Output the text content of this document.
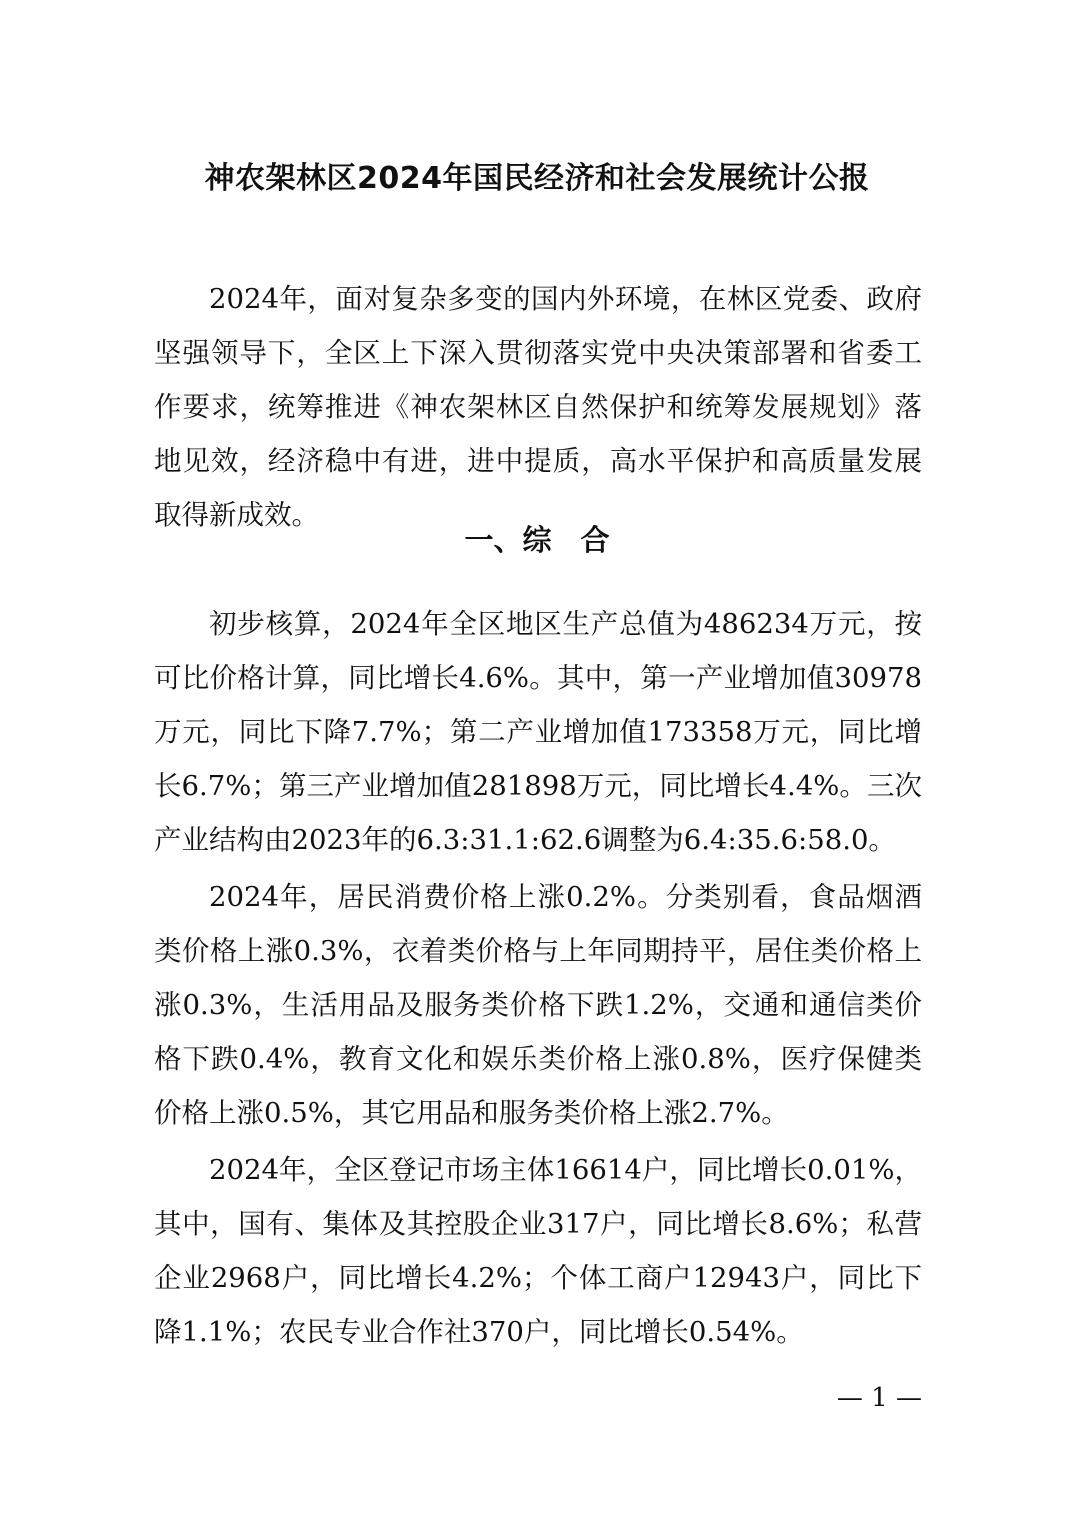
神农架林区2024年国民经济和社会发展统计公报

2024年，面对复杂多变的国内外环境，在林区党委、政府坚强领导下，全区上下深入贯彻落实党中央决策部署和省委工作要求，统筹推进《神农架林区自然保护和统筹发展规划》落地见效，经济稳中有进，进中提质，高水平保护和高质量发展取得新成效。

一、综　合

初步核算，2024年全区地区生产总值为486234万元，按可比价格计算，同比增长4.6%。其中，第一产业增加值30978万元，同比下降7.7%；第二产业增加值173358万元，同比增长6.7%；第三产业增加值281898万元，同比增长4.4%。三次产业结构由2023年的6.3:31.1:62.6调整为6.4:35.6:58.0。

2024年，居民消费价格上涨0.2%。分类别看，食品烟酒类价格上涨0.3%，衣着类价格与上年同期持平，居住类价格上涨0.3%，生活用品及服务类价格下跌1.2%，交通和通信类价格下跌0.4%，教育文化和娱乐类价格上涨0.8%，医疗保健类价格上涨0.5%，其它用品和服务类价格上涨2.7%。

2024年，全区登记市场主体16614户，同比增长0.01%，其中，国有、集体及其控股企业317户，同比增长8.6%；私营企业2968户，同比增长4.2%；个体工商户12943户，同比下降1.1%；农民专业合作社370户，同比增长0.54%。

— 1 —
